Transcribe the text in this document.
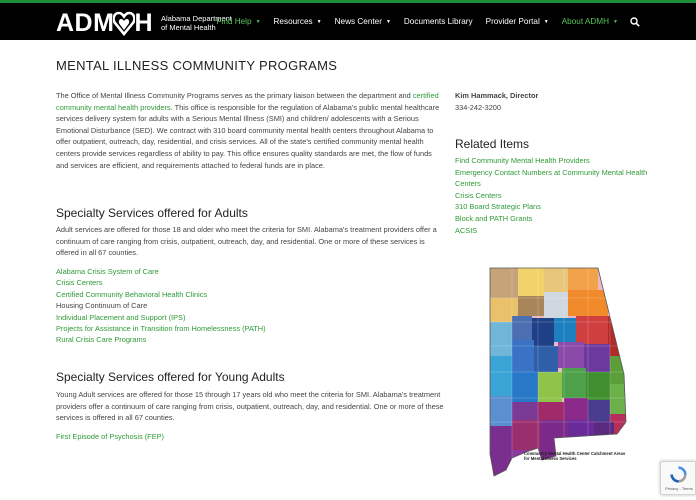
ADM H Alabama Department
of Mental Health
Find Help ▼ Resources ▼ News Center ▼ Documents Library Provider Portal ▼ About ADMH ▼
MENTAL ILLNESS COMMUNITY PROGRAMS
The Office of Mental Illness Community Programs serves as the primary liaison between the department and certified community mental health providers. This office is responsible for the regulation of Alabama's public mental healthcare services delivery system for adults with a Serious Mental Illness (SMI) and children/ adolescents with a Serious Emotional Disturbance (SED). We contract with 310 board community mental health centers throughout Alabama to offer outpatient, outreach, day, residential, and crisis services. All of the state's certified community mental health centers provide services regardless of ability to pay. This office ensures quality standards are met, the flow of funds and services are efficient, and requirements attached to federal funds are in place.
Specialty Services offered for Adults
Adult services are offered for those 18 and older who meet the criteria for SMI. Alabama's treatment providers offer a continuum of care ranging from crisis, outpatient, outreach, day, and residential. One or more of these services is offered in all 67 counties.
Alabama Crisis System of Care
Crisis Centers
Certified Community Behavioral Health Clinics
Housing Continuum of Care
Individual Placement and Support (IPS)
Projects for Assistance in Transition from Homelessness (PATH)
Rural Crisis Care Programs
Specialty Services offered for Young Adults
Young Adult services are offered for those 15 through 17 years old who meet the criteria for SMI. Alabama's treatment providers offer a continuum of care ranging from crisis, outpatient, outreach, day, and residential. One or more of these services is offered in all 67 counties.
First Episode of Psychosis (FEP)
Kim Hammack, Director
334-242-3200
Related Items
Find Community Mental Health Providers
Emergency Contact Numbers at Community Mental Health Centers
Crisis Centers
310 Board Strategic Plans
Block and PATH Grants
ACSIS
Community Mental Health Center Catchment Areas for Mental Illness Services
Privacy - Terms
